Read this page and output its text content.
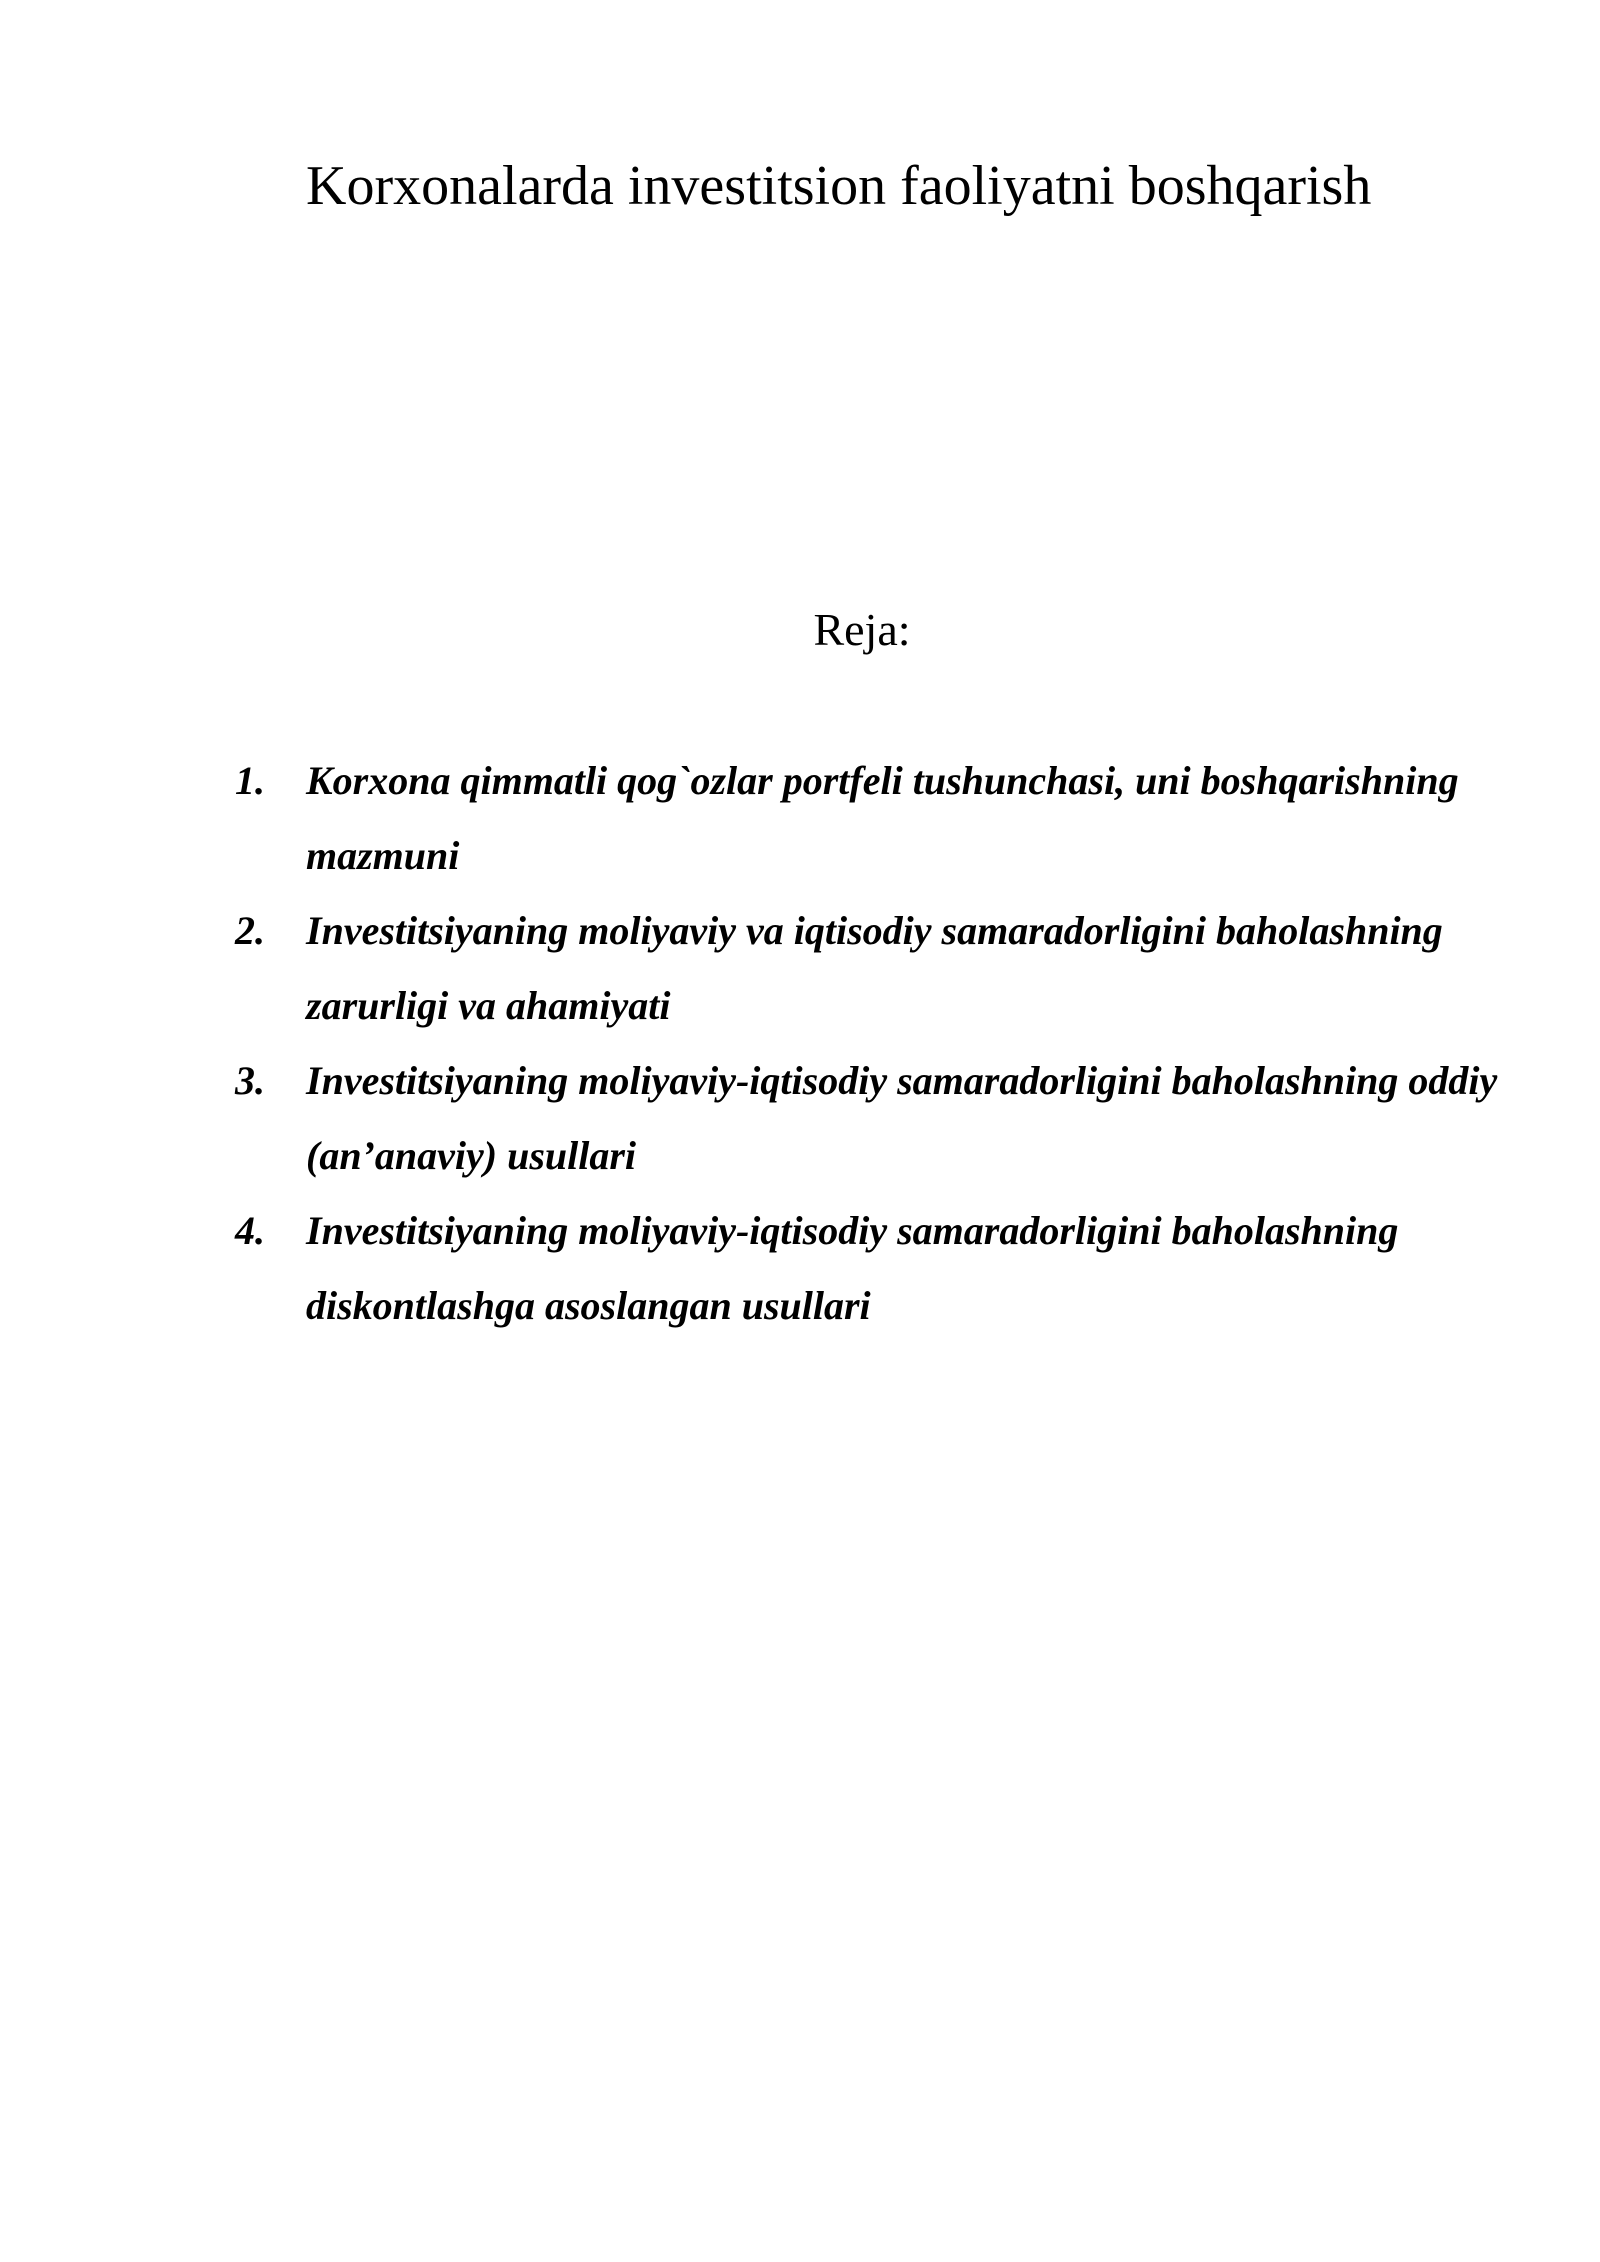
Korxonalarda investitsion faoliyatni boshqarish
Reja:
1.	Korxona qimmatli qog`ozlar portfeli tushunchasi, uni boshqarishning mazmuni
2.	Investitsiyaning moliyaviy va iqtisodiy samaradorligini baholashning zarurligi va ahamiyati
3.	Investitsiyaning moliyaviy-iqtisodiy samaradorligini baholashning oddiy (an’anaviy) usullari
4.	Investitsiyaning moliyaviy-iqtisodiy samaradorligini baholashning diskontlashga asoslangan usullari
